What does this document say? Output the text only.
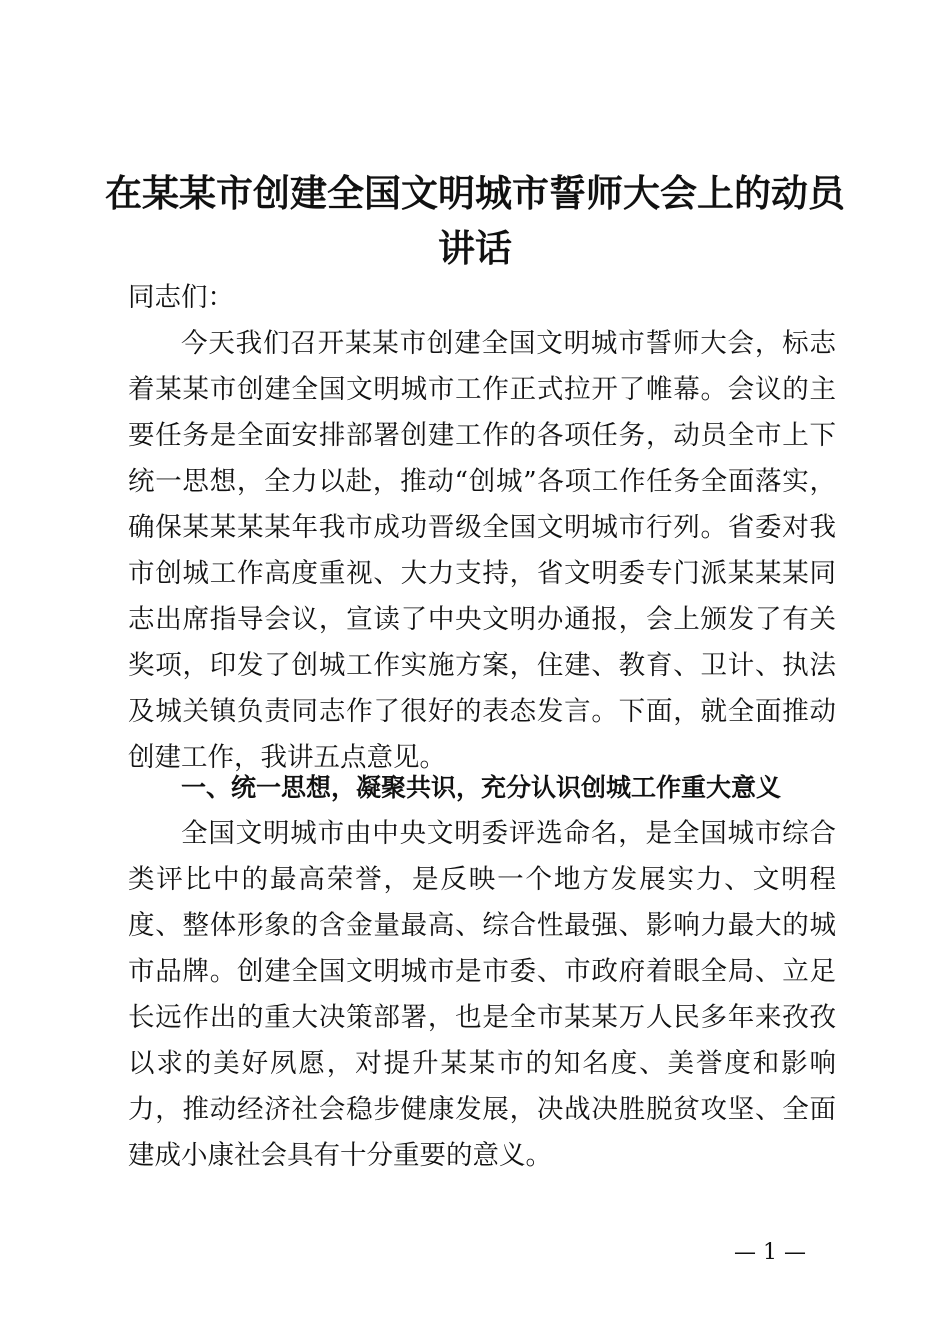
在某某市创建全国文明城市誓师大会上的动员
讲话

同志们：

今天我们召开某某市创建全国文明城市誓师大会，标志着某某市创建全国文明城市工作正式拉开了帷幕。会议的主要任务是全面安排部署创建工作的各项任务，动员全市上下统一思想，全力以赴，推动“创城”各项工作任务全面落实，确保某某某某年我市成功晋级全国文明城市行列。省委对我市创城工作高度重视、大力支持，省文明委专门派某某某同志出席指导会议，宣读了中央文明办通报，会上颁发了有关奖项，印发了创城工作实施方案，住建、教育、卫计、执法及城关镇负责同志作了很好的表态发言。下面，就全面推动创建工作，我讲五点意见。

一、统一思想，凝聚共识，充分认识创城工作重大意义

全国文明城市由中央文明委评选命名，是全国城市综合类评比中的最高荣誉，是反映一个地方发展实力、文明程度、整体形象的含金量最高、综合性最强、影响力最大的城市品牌。创建全国文明城市是市委、市政府着眼全局、立足长远作出的重大决策部署，也是全市某某万人民多年来孜孜以求的美好夙愿，对提升某某市的知名度、美誉度和影响力，推动经济社会稳步健康发展，决战决胜脱贫攻坚、全面建成小康社会具有十分重要的意义。

— 1 —
